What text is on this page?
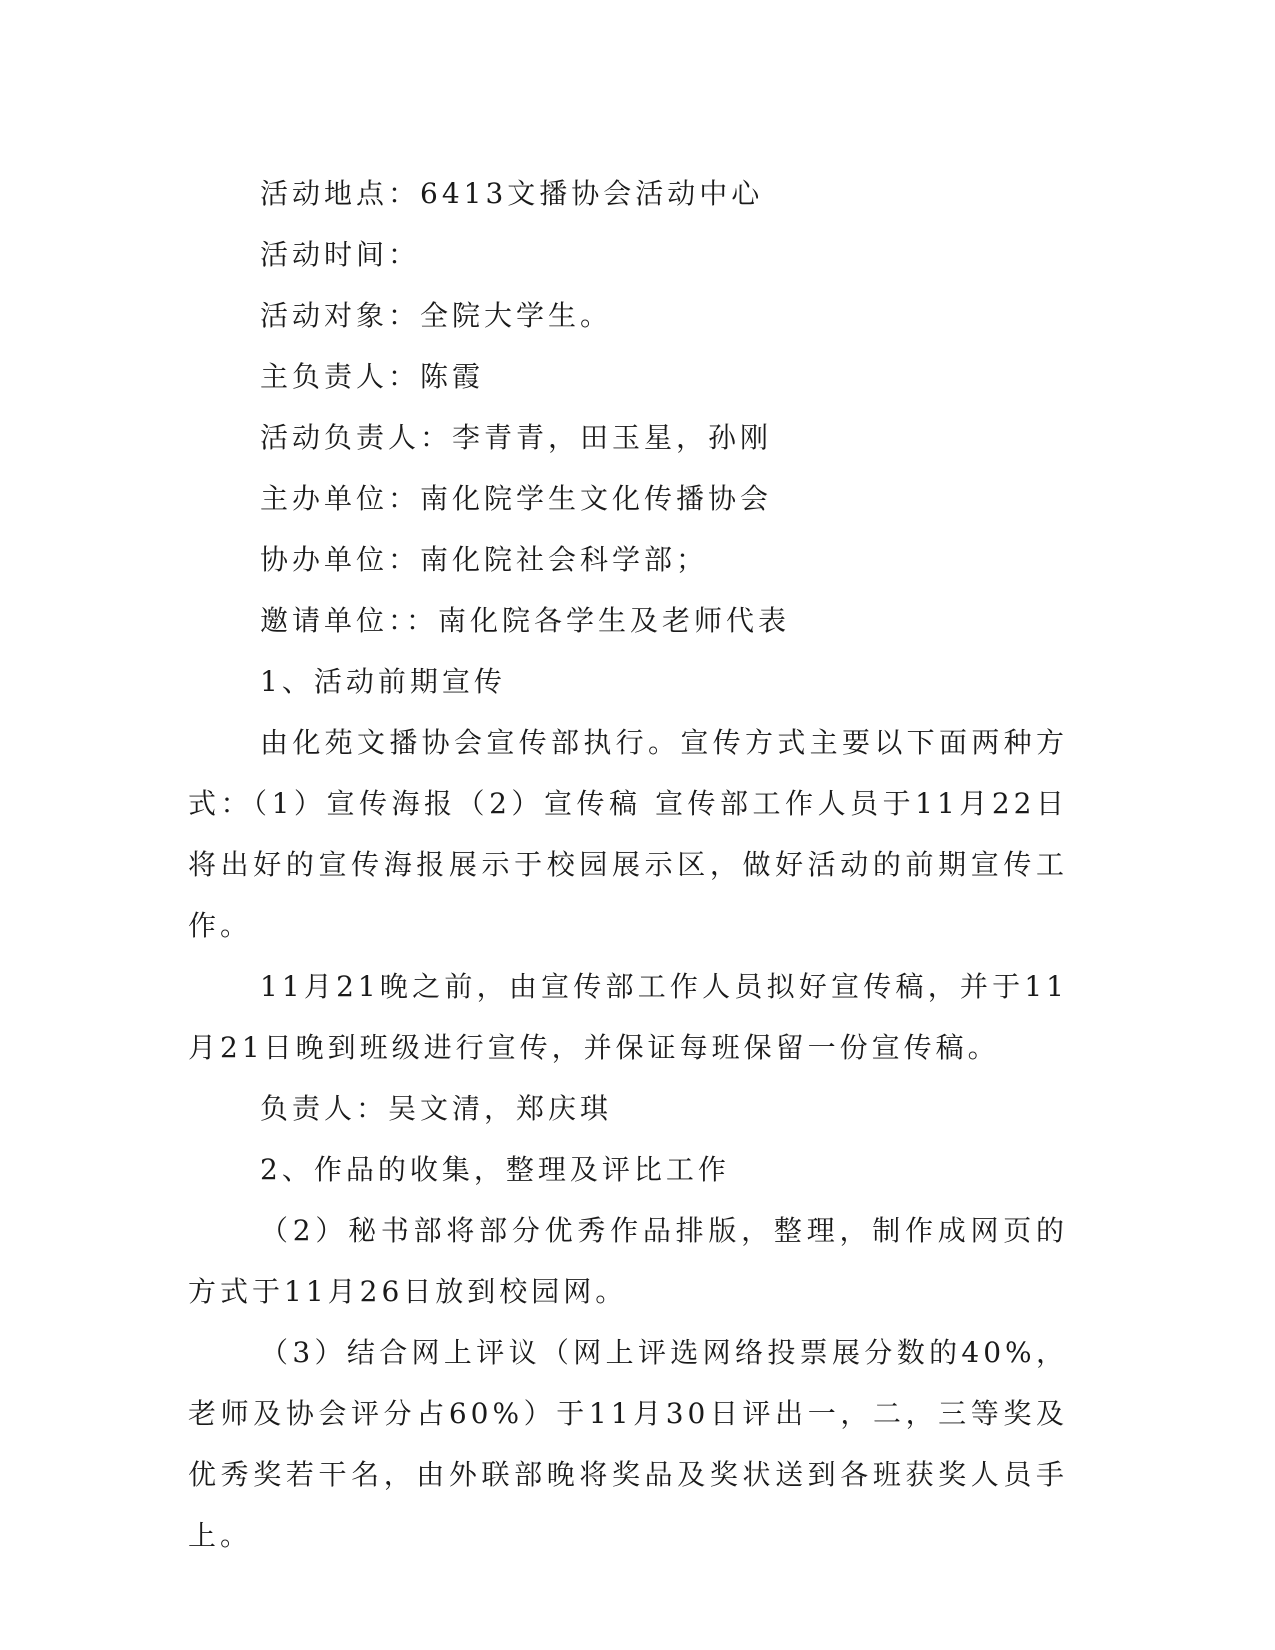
活动地点：6413文播协会活动中心
活动时间：
活动对象：全院大学生。
主负责人：陈霞
活动负责人：李青青，田玉星，孙刚
主办单位：南化院学生文化传播协会
协办单位：南化院社会科学部；
邀请单位：：南化院各学生及老师代表
1、活动前期宣传
由化苑文播协会宣传部执行。宣传方式主要以下面两种方式：（1）宣传海报（2）宣传稿 宣传部工作人员于11月22日将出好的宣传海报展示于校园展示区，做好活动的前期宣传工作。
11月21晚之前，由宣传部工作人员拟好宣传稿，并于11月21日晚到班级进行宣传，并保证每班保留一份宣传稿。
负责人：吴文清，郑庆琪
2、作品的收集，整理及评比工作
（2）秘书部将部分优秀作品排版，整理，制作成网页的方式于11月26日放到校园网。
（3）结合网上评议（网上评选网络投票展分数的40%，老师及协会评分占60%）于11月30日评出一，二，三等奖及优秀奖若干名，由外联部晚将奖品及奖状送到各班获奖人员手上。
